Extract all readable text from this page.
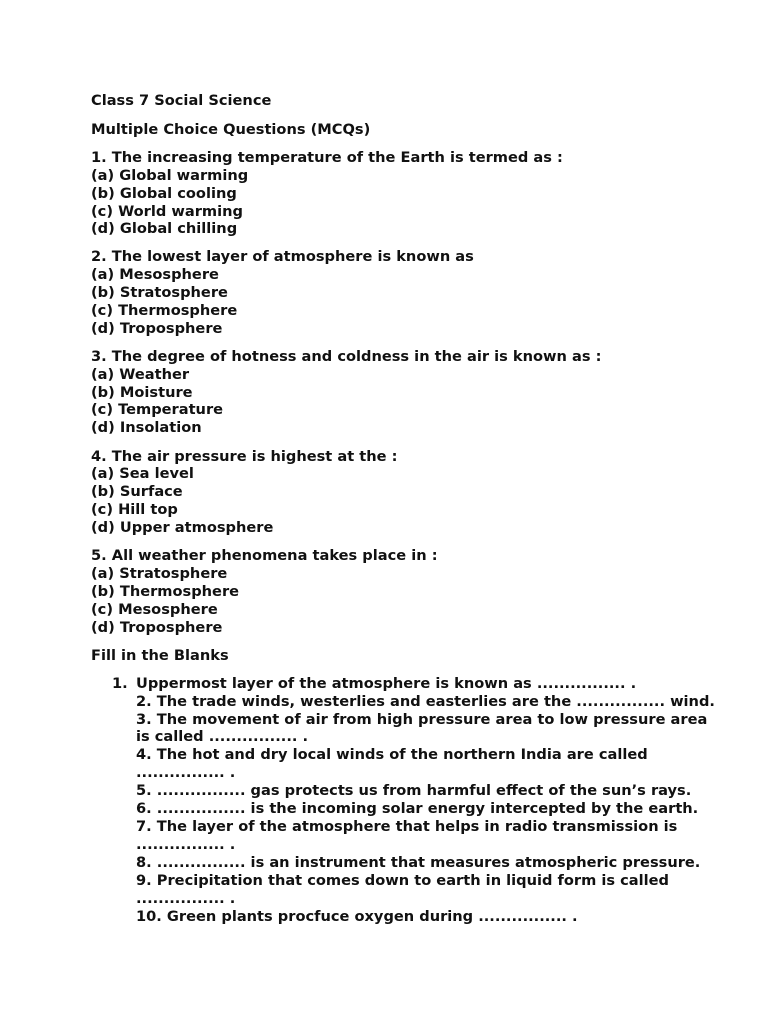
Class 7 Social Science
Multiple Choice Questions (MCQs)
1. The increasing temperature of the Earth is termed as :
(a) Global warming
(b) Global cooling
(c) World warming
(d) Global chilling
2. The lowest layer of atmosphere is known as
(a) Mesosphere
(b) Stratosphere
(c) Thermosphere
(d) Troposphere
3. The degree of hotness and coldness in the air is known as :
(a) Weather
(b) Moisture
(c) Temperature
(d) Insolation
4. The air pressure is highest at the :
(a) Sea level
(b) Surface
(c) Hill top
(d) Upper atmosphere
5. All weather phenomena takes place in :
(a) Stratosphere
(b) Thermosphere
(c) Mesosphere
(d) Troposphere
Fill in the Blanks
1. Uppermost layer of the atmosphere is known as ................ .
2. The trade winds, westerlies and easterlies are the ................ wind.
3. The movement of air from high pressure area to low pressure area
is called ................ .
4. The hot and dry local winds of the northern India are called
................ .
5. ................ gas protects us from harmful effect of the sun’s rays.
6. ................ is the incoming solar energy intercepted by the earth.
7. The layer of the atmosphere that helps in radio transmission is
................ .
8. ................ is an instrument that measures atmospheric pressure.
9. Precipitation that comes down to earth in liquid form is called
................ .
10. Green plants procfuce oxygen during ................ .
